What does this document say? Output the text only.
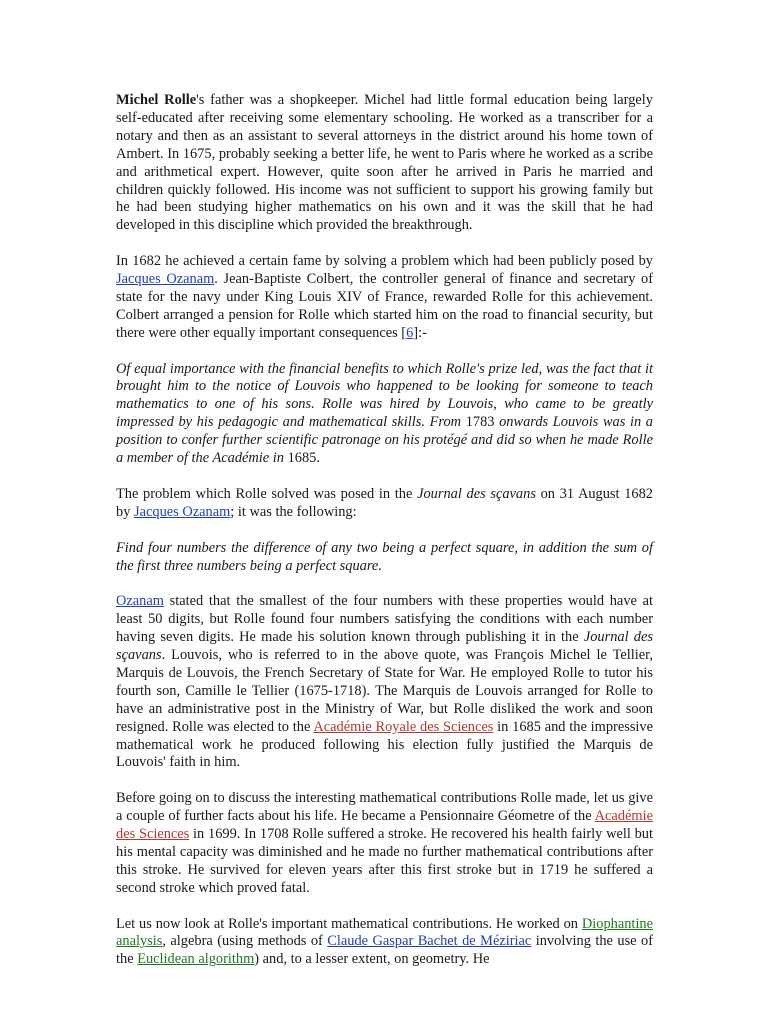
Michel Rolle's father was a shopkeeper. Michel had little formal education being largely self-educated after receiving some elementary schooling. He worked as a transcriber for a notary and then as an assistant to several attorneys in the district around his home town of Ambert. In 1675, probably seeking a better life, he went to Paris where he worked as a scribe and arithmetical expert. However, quite soon after he arrived in Paris he married and children quickly followed. His income was not sufficient to support his growing family but he had been studying higher mathematics on his own and it was the skill that he had developed in this discipline which provided the breakthrough.

In 1682 he achieved a certain fame by solving a problem which had been publicly posed by Jacques Ozanam. Jean-Baptiste Colbert, the controller general of finance and secretary of state for the navy under King Louis XIV of France, rewarded Rolle for this achievement. Colbert arranged a pension for Rolle which started him on the road to financial security, but there were other equally important consequences [6]:-

Of equal importance with the financial benefits to which Rolle's prize led, was the fact that it brought him to the notice of Louvois who happened to be looking for someone to teach mathematics to one of his sons. Rolle was hired by Louvois, who came to be greatly impressed by his pedagogic and mathematical skills. From 1783 onwards Louvois was in a position to confer further scientific patronage on his protégé and did so when he made Rolle a member of the Académie in 1685.

The problem which Rolle solved was posed in the Journal des sçavans on 31 August 1682 by Jacques Ozanam; it was the following:

Find four numbers the difference of any two being a perfect square, in addition the sum of the first three numbers being a perfect square.

Ozanam stated that the smallest of the four numbers with these properties would have at least 50 digits, but Rolle found four numbers satisfying the conditions with each number having seven digits. He made his solution known through publishing it in the Journal des sçavans. Louvois, who is referred to in the above quote, was François Michel le Tellier, Marquis de Louvois, the French Secretary of State for War. He employed Rolle to tutor his fourth son, Camille le Tellier (1675-1718). The Marquis de Louvois arranged for Rolle to have an administrative post in the Ministry of War, but Rolle disliked the work and soon resigned. Rolle was elected to the Académie Royale des Sciences in 1685 and the impressive mathematical work he produced following his election fully justified the Marquis de Louvois' faith in him.

Before going on to discuss the interesting mathematical contributions Rolle made, let us give a couple of further facts about his life. He became a Pensionnaire Géometre of the Académie des Sciences in 1699. In 1708 Rolle suffered a stroke. He recovered his health fairly well but his mental capacity was diminished and he made no further mathematical contributions after this stroke. He survived for eleven years after this first stroke but in 1719 he suffered a second stroke which proved fatal.

Let us now look at Rolle's important mathematical contributions. He worked on Diophantine analysis, algebra (using methods of Claude Gaspar Bachet de Méziriac involving the use of the Euclidean algorithm) and, to a lesser extent, on geometry. He
